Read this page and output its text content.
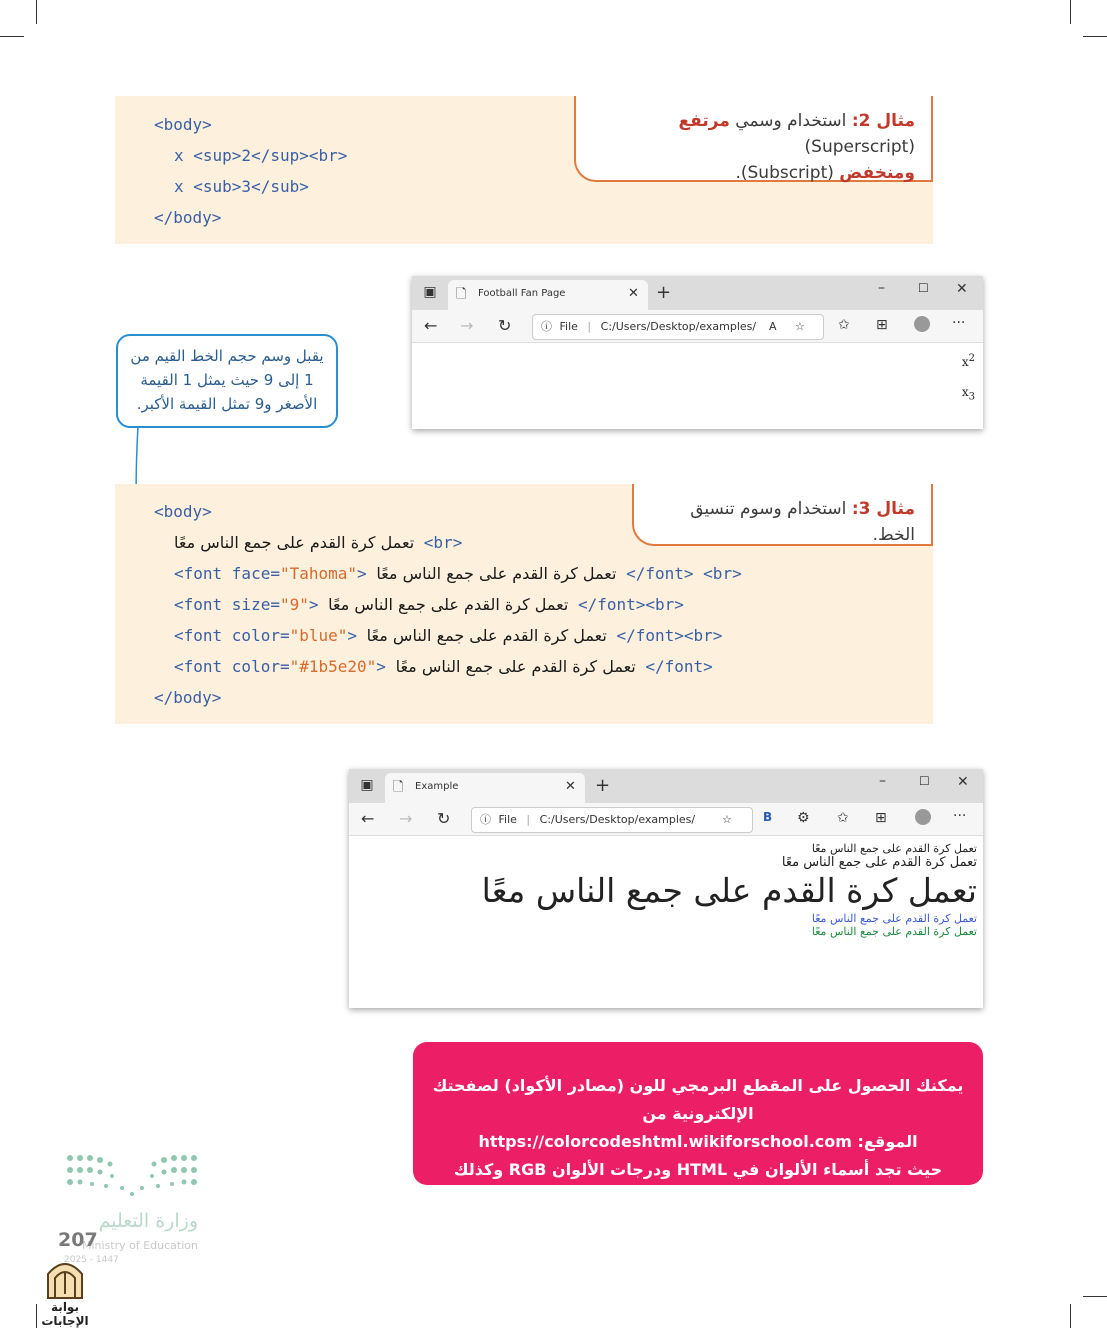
<body>
x <sup>2</sup><br>
x <sub>3</sub>
</body>
مثال 2: استخدام وسمي مرتفع (Superscript)
ومنخفض (Subscript).
▣ 🗋 Football Fan Page	✕ +	–	☐ ✕
← → ↻	ⓘ File | C:/Users/Desktop/examples/ A ☆ ✩ ⊞	···
$x^2$
$x_3$
يقبل وسم حجم الخط القيم من 1 إلى 9 حيث يمثل 1 القيمة الأصغر و9 تمثل القيمة الأكبر.
<body>
تعمل كرة القدم على جمع الناس معًا <br>
<font face="Tahoma"> تعمل كرة القدم على جمع الناس معًا </font> <br>
<font size="9"> تعمل كرة القدم على جمع الناس معًا </font><br>
<font color="blue"> تعمل كرة القدم على جمع الناس معًا </font><br>
<font color="#1b5e20"> تعمل كرة القدم على جمع الناس معًا </font>
</body>
مثال 3: استخدام وسوم تنسيق الخط.
▣ 🗋 Example	✕ +	–	☐ ✕
← → ↻	ⓘ File | C:/Users/Desktop/examples/ ☆	B ⚙ ✩ ⊞	···
تعمل كرة القدم على جمع الناس معًا
تعمل كرة القدم على جمع الناس معًا
تعمل كرة القدم على جمع الناس معًا
تعمل كرة القدم على جمع الناس معًا
تعمل كرة القدم على جمع الناس معًا
يمكنك الحصول على المقطع البرمجي للون (مصادر الأكواد) لصفحتك الإلكترونية من
الموقع: https://colorcodeshtml.wikiforschool.com
حيث تجد أسماء الألوان في HTML ودرجات الألوان RGB وكذلك رموزها Hex.
وزارة التعليم
Ministry of Education
2025 - 1447
207
بوابة الإجابات
